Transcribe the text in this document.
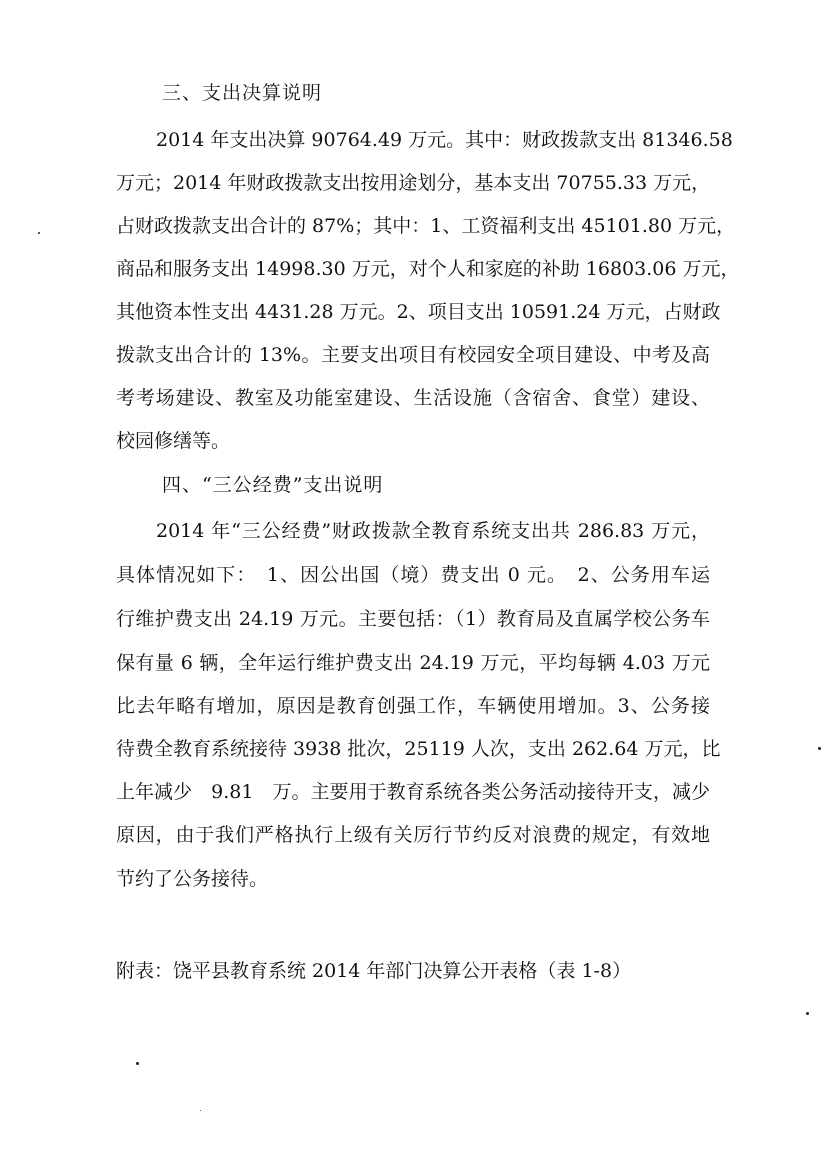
三、支出决算说明
2014 年支出决算 90764.49 万元。其中：财政拨款支出 81346.58
万元；2014 年财政拨款支出按用途划分，基本支出 70755.33 万元，
占财政拨款支出合计的 87%；其中：1、工资福利支出 45101.80 万元，
商品和服务支出 14998.30 万元，对个人和家庭的补助 16803.06 万元，
其他资本性支出 4431.28 万元。2、项目支出 10591.24 万元，占财政
拨款支出合计的 13%。主要支出项目有校园安全项目建设、中考及高
考考场建设、教室及功能室建设、生活设施（含宿舍、食堂）建设、
校园修缮等。
四、“三公经费”支出说明
2014 年“三公经费”财政拨款全教育系统支出共 286.83 万元，
具体情况如下：　1、因公出国（境）费支出 0 元。　2、公务用车运
行维护费支出 24.19 万元。主要包括：（1）教育局及直属学校公务车
保有量 6 辆，全年运行维护费支出 24.19 万元，平均每辆 4.03 万元
比去年略有增加，原因是教育创强工作，车辆使用增加。3、公务接
待费全教育系统接待 3938 批次，25119 人次，支出 262.64 万元，比
上年减少　9.81　万。主要用于教育系统各类公务活动接待开支，减少
原因，由于我们严格执行上级有关厉行节约反对浪费的规定，有效地
节约了公务接待。
附表：饶平县教育系统 2014 年部门决算公开表格（表 1-8）
